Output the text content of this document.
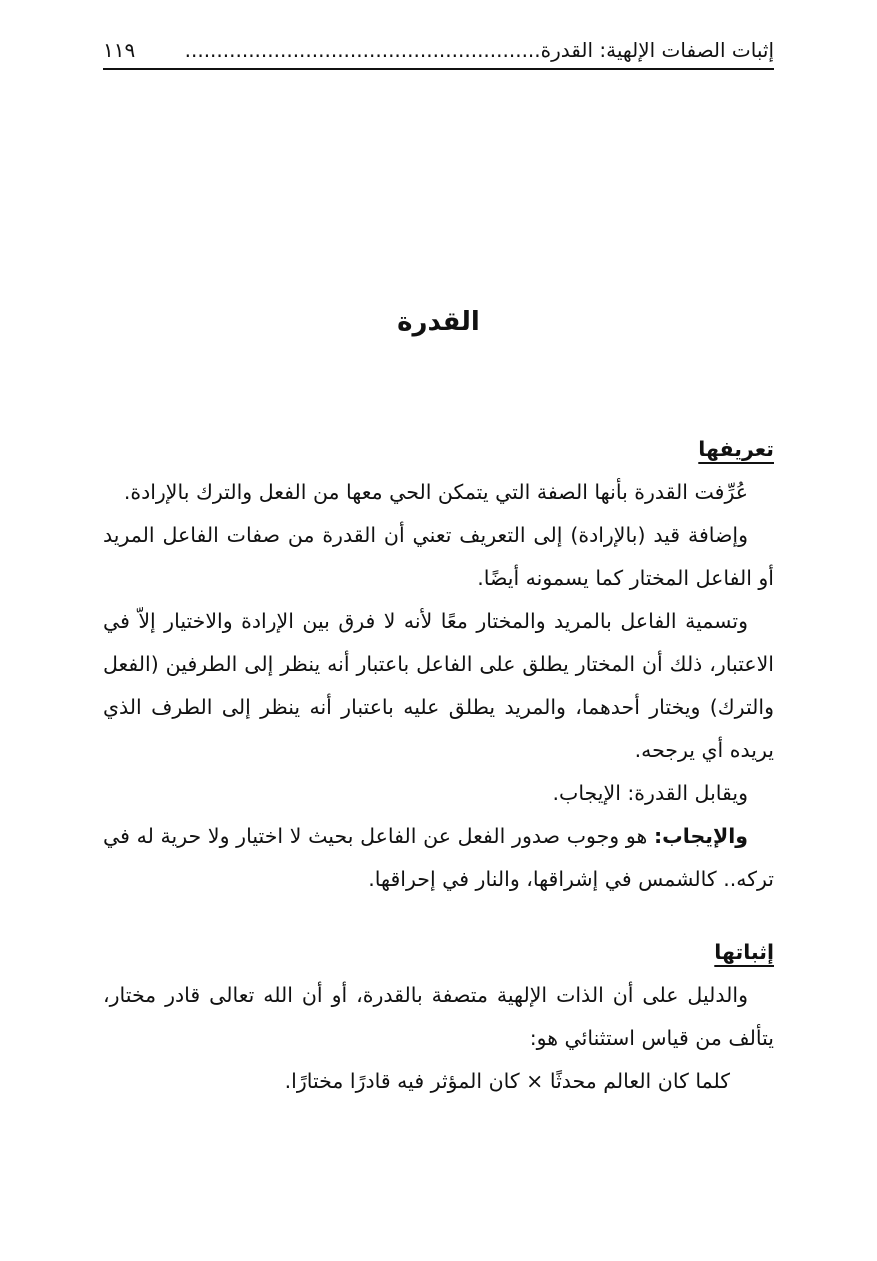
إثبات الصفات الإلهية: القدرة........................................................
١١٩
القدرة
تعريفها

عُرِّفت القدرة بأنها الصفة التي يتمكن الحي معها من الفعل والترك بالإرادة.

وإضافة قيد (بالإرادة) إلى التعريف تعني أن القدرة من صفات الفاعل المريد أو الفاعل المختار كما يسمونه أيضًا.

وتسمية الفاعل بالمريد والمختار معًا لأنه لا فرق بين الإرادة والاختيار إلاّ في الاعتبار، ذلك أن المختار يطلق على الفاعل باعتبار أنه ينظر إلى الطرفين (الفعل والترك) ويختار أحدهما، والمريد يطلق عليه باعتبار أنه ينظر إلى الطرف الذي يريده أي يرجحه.

ويقابل القدرة: الإيجاب.

والإيجاب: هو وجوب صدور الفعل عن الفاعل بحيث لا اختيار ولا حرية له في تركه.. كالشمس في إشراقها، والنار في إحراقها.

إثباتها

والدليل على أن الذات الإلهية متصفة بالقدرة، أو أن الله تعالى قادر مختار، يتألف من قياس استثنائي هو:

كلما كان العالم محدثًا × كان المؤثر فيه قادرًا مختارًا.
